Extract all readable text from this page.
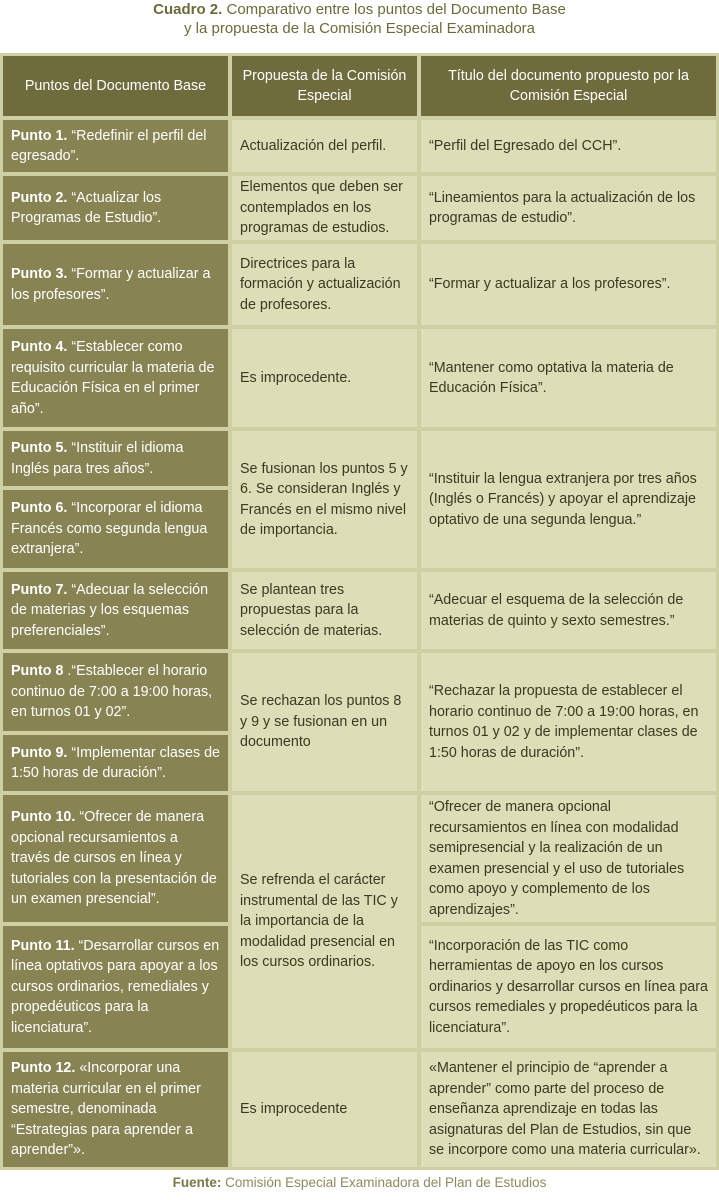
Cuadro 2. Comparativo entre los puntos del Documento Base
y la propuesta de la Comisión Especial Examinadora
Puntos del Documento Base
Propuesta de la Comisión Especial
Título del documento propuesto por la Comisión Especial
Punto 1. “Redefinir el perfil del egresado”.
Punto 2. “Actualizar los Programas de Estudio”.
Punto 3. “Formar y actualizar a los profesores”.
Punto 4. “Establecer como requisito curricular la materia de Educación Física en el primer año”.
Punto 5. “Instituir el idioma Inglés para tres años”.
Punto 6. “Incorporar el idioma Francés como segunda lengua extranjera”.
Punto 7. “Adecuar la selección de materias y los esquemas preferenciales”.
Punto 8 .“Establecer el horario continuo de 7:00 a 19:00 horas, en turnos 01 y 02”.
Punto 9. “Implementar clases de 1:50 horas de duración”.
Punto 10. “Ofrecer de manera opcional recursamientos a través de cursos en línea y tutoriales con la presentación de un examen presencial”.
Punto 11. “Desarrollar cursos en línea optativos para apoyar a los cursos ordinarios, remediales y propedéuticos para la licenciatura”.
Punto 12. «Incorporar una materia curricular en el primer semestre, denominada “Estrategias para aprender a aprender”».
Actualización del perfil.
Elementos que deben ser contemplados en los programas de estudios.
Directrices para la formación y actualización de profesores.
Es improcedente.
Se fusionan los puntos 5 y 6. Se consideran Inglés y Francés en el mismo nivel de importancia.
Se plantean tres propuestas para la selección de materias.
Se rechazan los puntos 8 y 9 y se fusionan en un documento
Se refrenda el carácter instrumental de las TIC y la importancia de la modalidad presencial en los cursos ordinarios.
Es improcedente
“Perfil del Egresado del CCH”.
“Lineamientos para la actualización de los programas de estudio”.
“Formar y actualizar a los profesores”.
“Mantener como optativa la materia de Educación Física”.
“Instituir la lengua extranjera por tres años (Inglés o Francés) y apoyar el aprendizaje optativo de una segunda lengua.”
“Adecuar el esquema de la selección de materias de quinto y sexto semestres.”
“Rechazar la propuesta de establecer el horario continuo de 7:00 a 19:00 horas, en turnos 01 y 02 y de implementar clases de 1:50 horas de duración”.
“Ofrecer de manera opcional recursamientos en línea con modalidad semipresencial y la realización de un examen presencial y el uso de tutoriales como apoyo y complemento de los aprendizajes”.
“Incorporación de las TIC como herramientas de apoyo en los cursos ordinarios y desarrollar cursos en línea para cursos remediales y propedéuticos para la licenciatura”.
«Mantener el principio de “aprender a aprender” como parte del proceso de enseñanza aprendizaje en todas las asignaturas del Plan de Estudios, sin que se incorpore como una materia curricular».
Fuente: Comisión Especial Examinadora del Plan de Estudios
